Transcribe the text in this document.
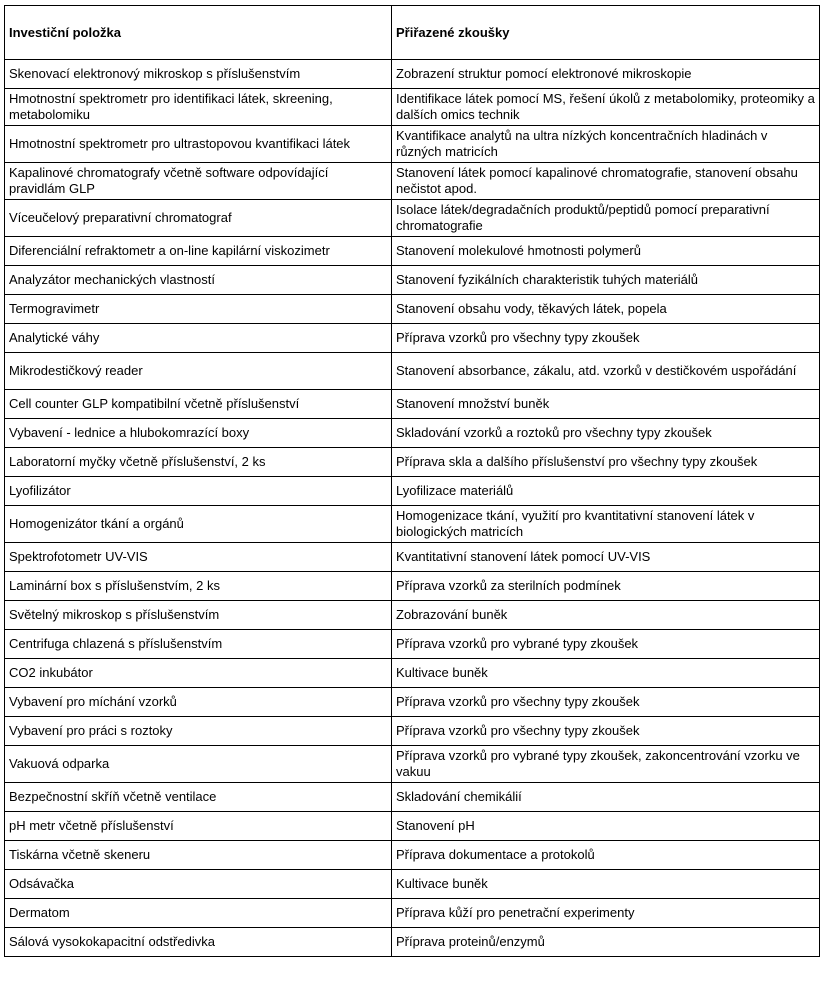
Investiční položka	Přiřazené zkoušky
Skenovací elektronový mikroskop s příslušenstvím	Zobrazení struktur pomocí elektronové mikroskopie
Hmotnostní spektrometr pro identifikaci látek, skreening, metabolomiku	Identifikace látek pomocí MS, řešení úkolů z metabolomiky, proteomiky a dalších omics technik
Hmotnostní spektrometr pro ultrastopovou kvantifikaci látek	Kvantifikace analytů na ultra nízkých koncentračních hladinách v různých matricích
Kapalinové chromatografy včetně software odpovídající pravidlám GLP	Stanovení látek pomocí kapalinové chromatografie, stanovení obsahu nečistot apod.
Víceučelový preparativní chromatograf	Isolace látek/degradačních produktů/peptidů pomocí preparativní chromatografie
Diferenciální refraktometr a on-line kapilární viskozimetr	Stanovení molekulové hmotnosti polymerů
Analyzátor mechanických vlastností	Stanovení fyzikálních charakteristik tuhých materiálů
Termogravimetr	Stanovení obsahu vody, těkavých látek, popela
Analytické váhy	Příprava vzorků pro všechny typy zkoušek
Mikrodestičkový reader	Stanovení absorbance, zákalu, atd. vzorků v destičkovém uspořádání
Cell counter GLP kompatibilní včetně příslušenství	Stanovení množství buněk
Vybavení - lednice a hlubokomrazící boxy	Skladování vzorků a roztoků pro všechny typy zkoušek
Laboratorní myčky včetně příslušenství, 2 ks	Příprava skla a dalšího příslušenství pro všechny typy zkoušek
Lyofilizátor	Lyofilizace materiálů
Homogenizátor tkání a orgánů	Homogenizace tkání, využití pro kvantitativní stanovení látek v biologických matricích
Spektrofotometr UV-VIS	Kvantitativní stanovení látek pomocí UV-VIS
Laminární box s příslušenstvím, 2 ks	Příprava vzorků za sterilních podmínek
Světelný mikroskop s příslušenstvím	Zobrazování buněk
Centrifuga chlazená s příslušenstvím	Příprava vzorků pro vybrané typy zkoušek
CO2 inkubátor	Kultivace buněk
Vybavení pro míchání vzorků	Příprava vzorků pro všechny typy zkoušek
Vybavení pro práci s roztoky	Příprava vzorků pro všechny typy zkoušek
Vakuová odparka	Příprava vzorků pro vybrané typy zkoušek, zakoncentrování vzorku ve vakuu
Bezpečnostní skříň včetně ventilace	Skladování chemikálií
pH metr včetně příslušenství	Stanovení pH
Tiskárna včetně skeneru	Příprava dokumentace a protokolů
Odsávačka	Kultivace buněk
Dermatom	Příprava kůží pro penetrační experimenty
Sálová vysokokapacitní odstředivka	Příprava proteinů/enzymů
